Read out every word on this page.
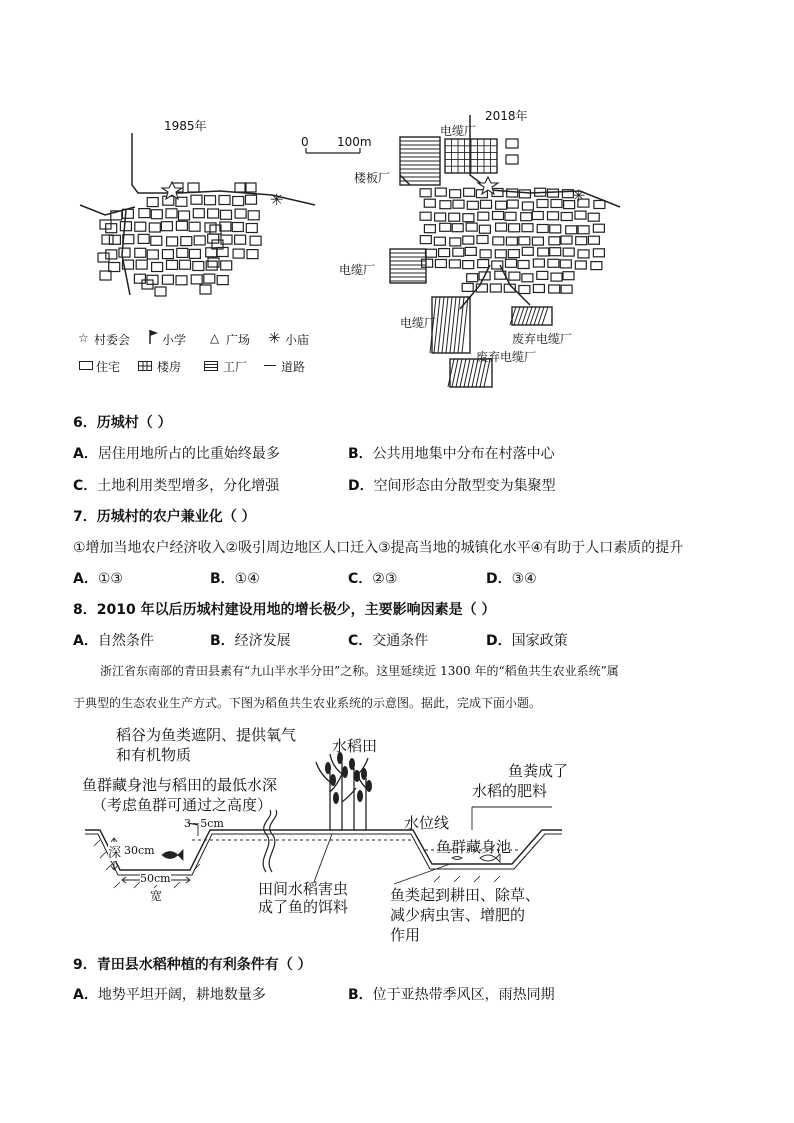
✳	✳
1985年
2018年
0 100m
电缆厂
楼板厂
电缆厂
电缆厂
废弃电缆厂
废弃电缆厂
☆ 村委会	小学 △ 广场 ✳ 小庙
住宅	楼房	工厂	道路
6．历城村（ ）
A．居住用地所占的比重始终最多	B．公共用地集中分布在村落中心
C．土地利用类型增多，分化增强	D．空间形态由分散型变为集聚型
7．历城村的农户兼业化（ ）
①增加当地农户经济收入②吸引周边地区人口迁入③提高当地的城镇化水平④有助于人口素质的提升
A．①③	B．①④	C．②③	D．③④
8．2010 年以后历城村建设用地的增长极少，主要影响因素是（ ）
A．自然条件	B．经济发展	C．交通条件	D．国家政策
浙江省东南部的青田县素有“九山半水半分田”之称。这里延续近 1300 年的“稻鱼共生农业系统”属
于典型的生态农业生产方式。下图为稻鱼共生农业系统的示意图。据此，完成下面小题。
稻谷为鱼类遮阴、提供氧气
和有机物质	水稻田
鱼群藏身池与稻田的最低水深
（考虑鱼群可通过之高度）
鱼粪成了
水稻的肥料
3~5cm	水位线
深 30cm	鱼群藏身池
50cm
宽	田间水稻害虫
成了鱼的饵料
鱼类起到耕田、除草、
减少病虫害、增肥的
作用
9．青田县水稻种植的有利条件有（ ）
A．地势平坦开阔，耕地数量多	B．位于亚热带季风区，雨热同期
